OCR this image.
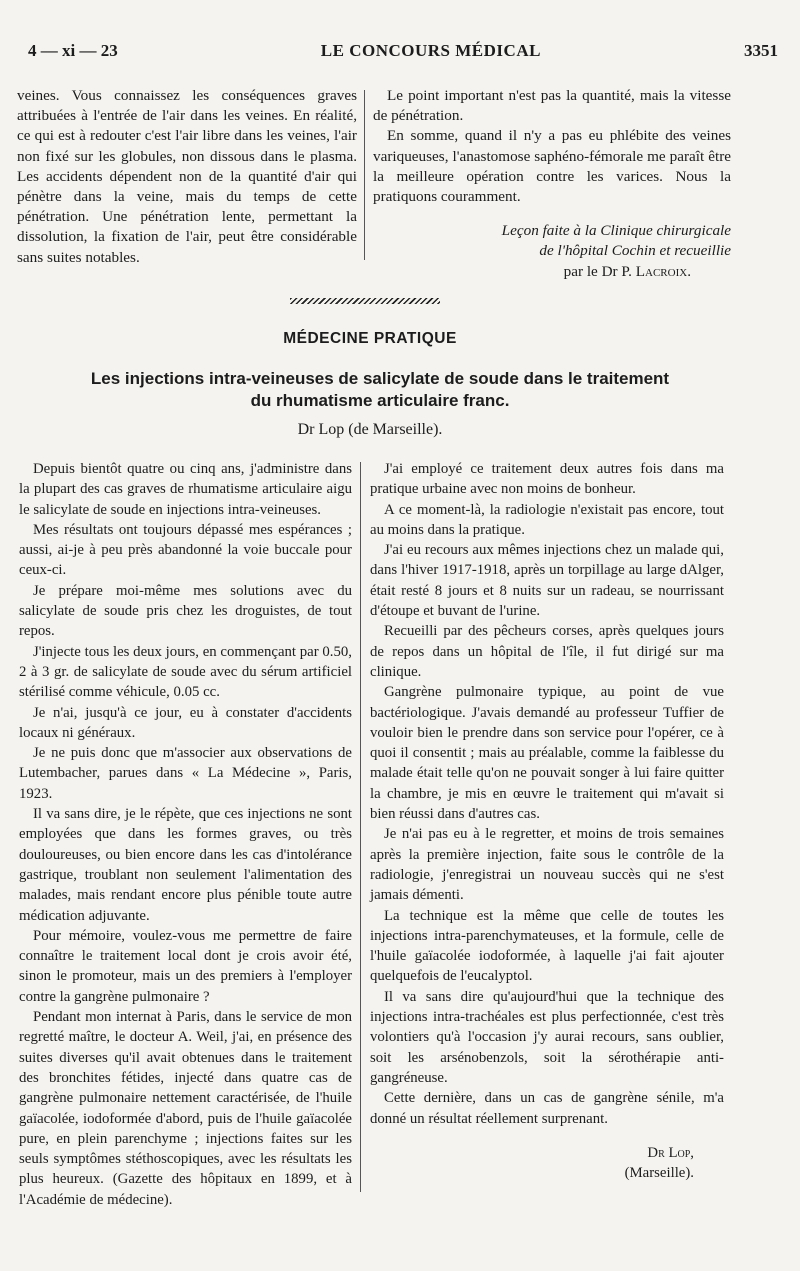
4 — xi — 23	LE CONCOURS MÉDICAL	3351

veines. Vous connaissez les conséquences graves attribuées à l'entrée de l'air dans les veines. En réalité, ce qui est à redouter c'est l'air libre dans les veines, l'air non fixé sur les globules, non dissous dans le plasma. Les accidents dépendent non de la quantité d'air qui pénètre dans la veine, mais du temps de cette pénétration. Une pénétration lente, permettant la dissolution, la fixation de l'air, peut être considérable sans suites notables.

Le point important n'est pas la quantité, mais la vitesse de pénétration.

En somme, quand il n'y a pas eu phlébite des veines variqueuses, l'anastomose saphéno-fémorale me paraît être la meilleure opération contre les varices. Nous la pratiquons couramment.

Leçon faite à la Clinique chirurgicale
de l'hôpital Cochin et recueillie
par le Dr P. Lacroix.
MÉDECINE PRATIQUE
Les injections intra-veineuses de salicylate de soude dans le traitement
du rhumatisme articulaire franc.
Dr Lop (de Marseille).

Depuis bientôt quatre ou cinq ans, j'administre dans la plupart des cas graves de rhumatisme articulaire aigu le salicylate de soude en injections intra-veineuses.

Mes résultats ont toujours dépassé mes espérances ; aussi, ai-je à peu près abandonné la voie buccale pour ceux-ci.

Je prépare moi-même mes solutions avec du salicylate de soude pris chez les droguistes, de tout repos.

J'injecte tous les deux jours, en commençant par 0.50, 2 à 3 gr. de salicylate de soude avec du sérum artificiel stérilisé comme véhicule, 0.05 cc.

Je n'ai, jusqu'à ce jour, eu à constater d'accidents locaux ni généraux.

Je ne puis donc que m'associer aux observations de Lutembacher, parues dans « La Médecine », Paris, 1923.

Il va sans dire, je le répète, que ces injections ne sont employées que dans les formes graves, ou très douloureuses, ou bien encore dans les cas d'intolérance gastrique, troublant non seulement l'alimentation des malades, mais rendant encore plus pénible toute autre médication adjuvante.

Pour mémoire, voulez-vous me permettre de faire connaître le traitement local dont je crois avoir été, sinon le promoteur, mais un des premiers à l'employer contre la gangrène pulmonaire ?

Pendant mon internat à Paris, dans le service de mon regretté maître, le docteur A. Weil, j'ai, en présence des suites diverses qu'il avait obtenues dans le traitement des bronchites fétides, injecté dans quatre cas de gangrène pulmonaire nettement caractérisée, de l'huile gaïacolée, iodoformée d'abord, puis de l'huile gaïacolée pure, en plein parenchyme ; injections faites sur les seuls symptômes stéthoscopiques, avec les résultats les plus heureux. (Gazette des hôpitaux en 1899, et à l'Académie de médecine).

J'ai employé ce traitement deux autres fois dans ma pratique urbaine avec non moins de bonheur.

A ce moment-là, la radiologie n'existait pas encore, tout au moins dans la pratique.

J'ai eu recours aux mêmes injections chez un malade qui, dans l'hiver 1917-1918, après un torpillage au large dAlger, était resté 8 jours et 8 nuits sur un radeau, se nourrissant d'étoupe et buvant de l'urine.

Recueilli par des pêcheurs corses, après quelques jours de repos dans un hôpital de l'île, il fut dirigé sur ma clinique.

Gangrène pulmonaire typique, au point de vue bactériologique. J'avais demandé au professeur Tuffier de vouloir bien le prendre dans son service pour l'opérer, ce à quoi il consentit ; mais au préalable, comme la faiblesse du malade était telle qu'on ne pouvait songer à lui faire quitter la chambre, je mis en œuvre le traitement qui m'avait si bien réussi dans d'autres cas.

Je n'ai pas eu à le regretter, et moins de trois semaines après la première injection, faite sous le contrôle de la radiologie, j'enregistrai un nouveau succès qui ne s'est jamais démenti.

La technique est la même que celle de toutes les injections intra-parenchymateuses, et la formule, celle de l'huile gaïacolée iodoformée, à laquelle j'ai fait ajouter quelquefois de l'eucalyptol.

Il va sans dire qu'aujourd'hui que la technique des injections intra-trachéales est plus perfectionnée, c'est très volontiers qu'à l'occasion j'y aurai recours, sans oublier, soit les arsénobenzols, soit la sérothérapie anti-gangréneuse.

Cette dernière, dans un cas de gangrène sénile, m'a donné un résultat réellement surprenant.

Dr Lop,
(Marseille).
